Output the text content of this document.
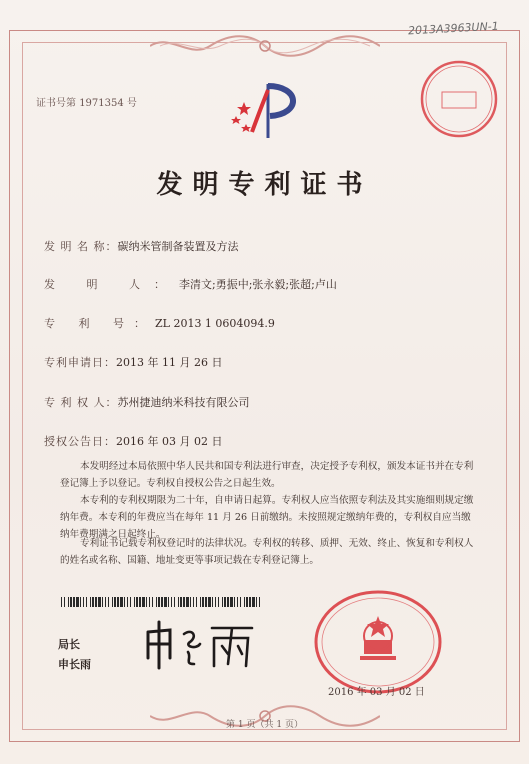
2013A3963UN-1
证书号第 1971354 号
发明专利证书
发 明 名 称：碳纳米管制备装置及方法
发 明 人：李清文;勇振中;张永毅;张超;卢山
专 利 号：ZL 2013 1 0604094.9
专利申请日：2013 年 11 月 26 日
专 利 权 人：苏州捷迪纳米科技有限公司
授权公告日：2016 年 03 月 02 日
本发明经过本局依照中华人民共和国专利法进行审查，决定授予专利权，颁发本证书并在专利登记簿上予以登记。专利权自授权公告之日起生效。
本专利的专利权期限为二十年，自申请日起算。专利权人应当依照专利法及其实施细则规定缴纳年费。本专利的年费应当在每年 11 月 26 日前缴纳。未按照规定缴纳年费的，专利权自应当缴纳年费期满之日起终止。
专利证书记载专利权登记时的法律状况。专利权的转移、质押、无效、终止、恢复和专利权人的姓名或名称、国籍、地址变更等事项记载在专利登记簿上。
局长
申长雨
2016 年 03 月 02 日
第 1 页（共 1 页）
